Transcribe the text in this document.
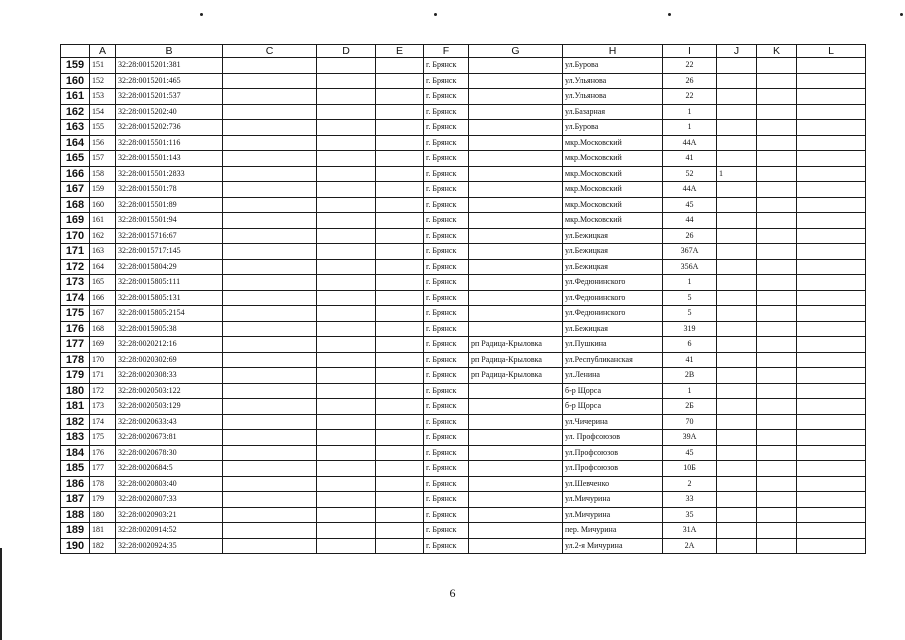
	A	B	C	D	E	F	G	H	I	J	K	L
159	151	32:28:0015201:381				г. Брянск		ул.Бурова	22			
160	152	32:28:0015201:465				г. Брянск		ул.Ульянова	26			
161	153	32:28:0015201:537				г. Брянск		ул.Ульянова	22			
162	154	32:28:0015202:40				г. Брянск		ул.Базарная	1			
163	155	32:28:0015202:736				г. Брянск		ул.Бурова	1			
164	156	32:28:0015501:116				г. Брянск		мкр.Московский	44А			
165	157	32:28:0015501:143				г. Брянск		мкр.Московский	41			
166	158	32:28:0015501:2833				г. Брянск		мкр.Московский	52	1		
167	159	32:28:0015501:78				г. Брянск		мкр.Московский	44А			
168	160	32:28:0015501:89				г. Брянск		мкр.Московский	45			
169	161	32:28:0015501:94				г. Брянск		мкр.Московский	44			
170	162	32:28:0015716:67				г. Брянск		ул.Бежицкая	26			
171	163	32:28:0015717:145				г. Брянск		ул.Бежицкая	367А			
172	164	32:28:0015804:29				г. Брянск		ул.Бежицкая	356А			
173	165	32:28:0015805:111				г. Брянск		ул.Федюнинского	1			
174	166	32:28:0015805:131				г. Брянск		ул.Федюнинского	5			
175	167	32:28:0015805:2154				г. Брянск		ул.Федюнинского	5			
176	168	32:28:0015905:38				г. Брянск		ул.Бежицкая	319			
177	169	32:28:0020212:16				г. Брянск	рп Радица-Крыловка	ул.Пушкина	6			
178	170	32:28:0020302:69				г. Брянск	рп Радица-Крыловка	ул.Республиканская	41			
179	171	32:28:0020308:33				г. Брянск	рп Радица-Крыловка	ул.Ленина	2В			
180	172	32:28:0020503:122				г. Брянск		б-р Щорса	1			
181	173	32:28:0020503:129				г. Брянск		б-р Щорса	2Б			
182	174	32:28:0020633:43				г. Брянск		ул.Чичерина	70			
183	175	32:28:0020673:81				г. Брянск		ул. Профсоюзов	39А			
184	176	32:28:0020678:30				г. Брянск		ул.Профсоюзов	45			
185	177	32:28:0020684:5				г. Брянск		ул.Профсоюзов	10Б			
186	178	32:28:0020803:40				г. Брянск		ул.Шевченко	2			
187	179	32:28:0020807:33				г. Брянск		ул.Мичурина	33			
188	180	32:28:0020903:21				г. Брянск		ул.Мичурина	35			
189	181	32:28:0020914:52				г. Брянск		пер. Мичурина	31А			
190	182	32:28:0020924:35				г. Брянск		ул.2-я Мичурина	2А			
6
